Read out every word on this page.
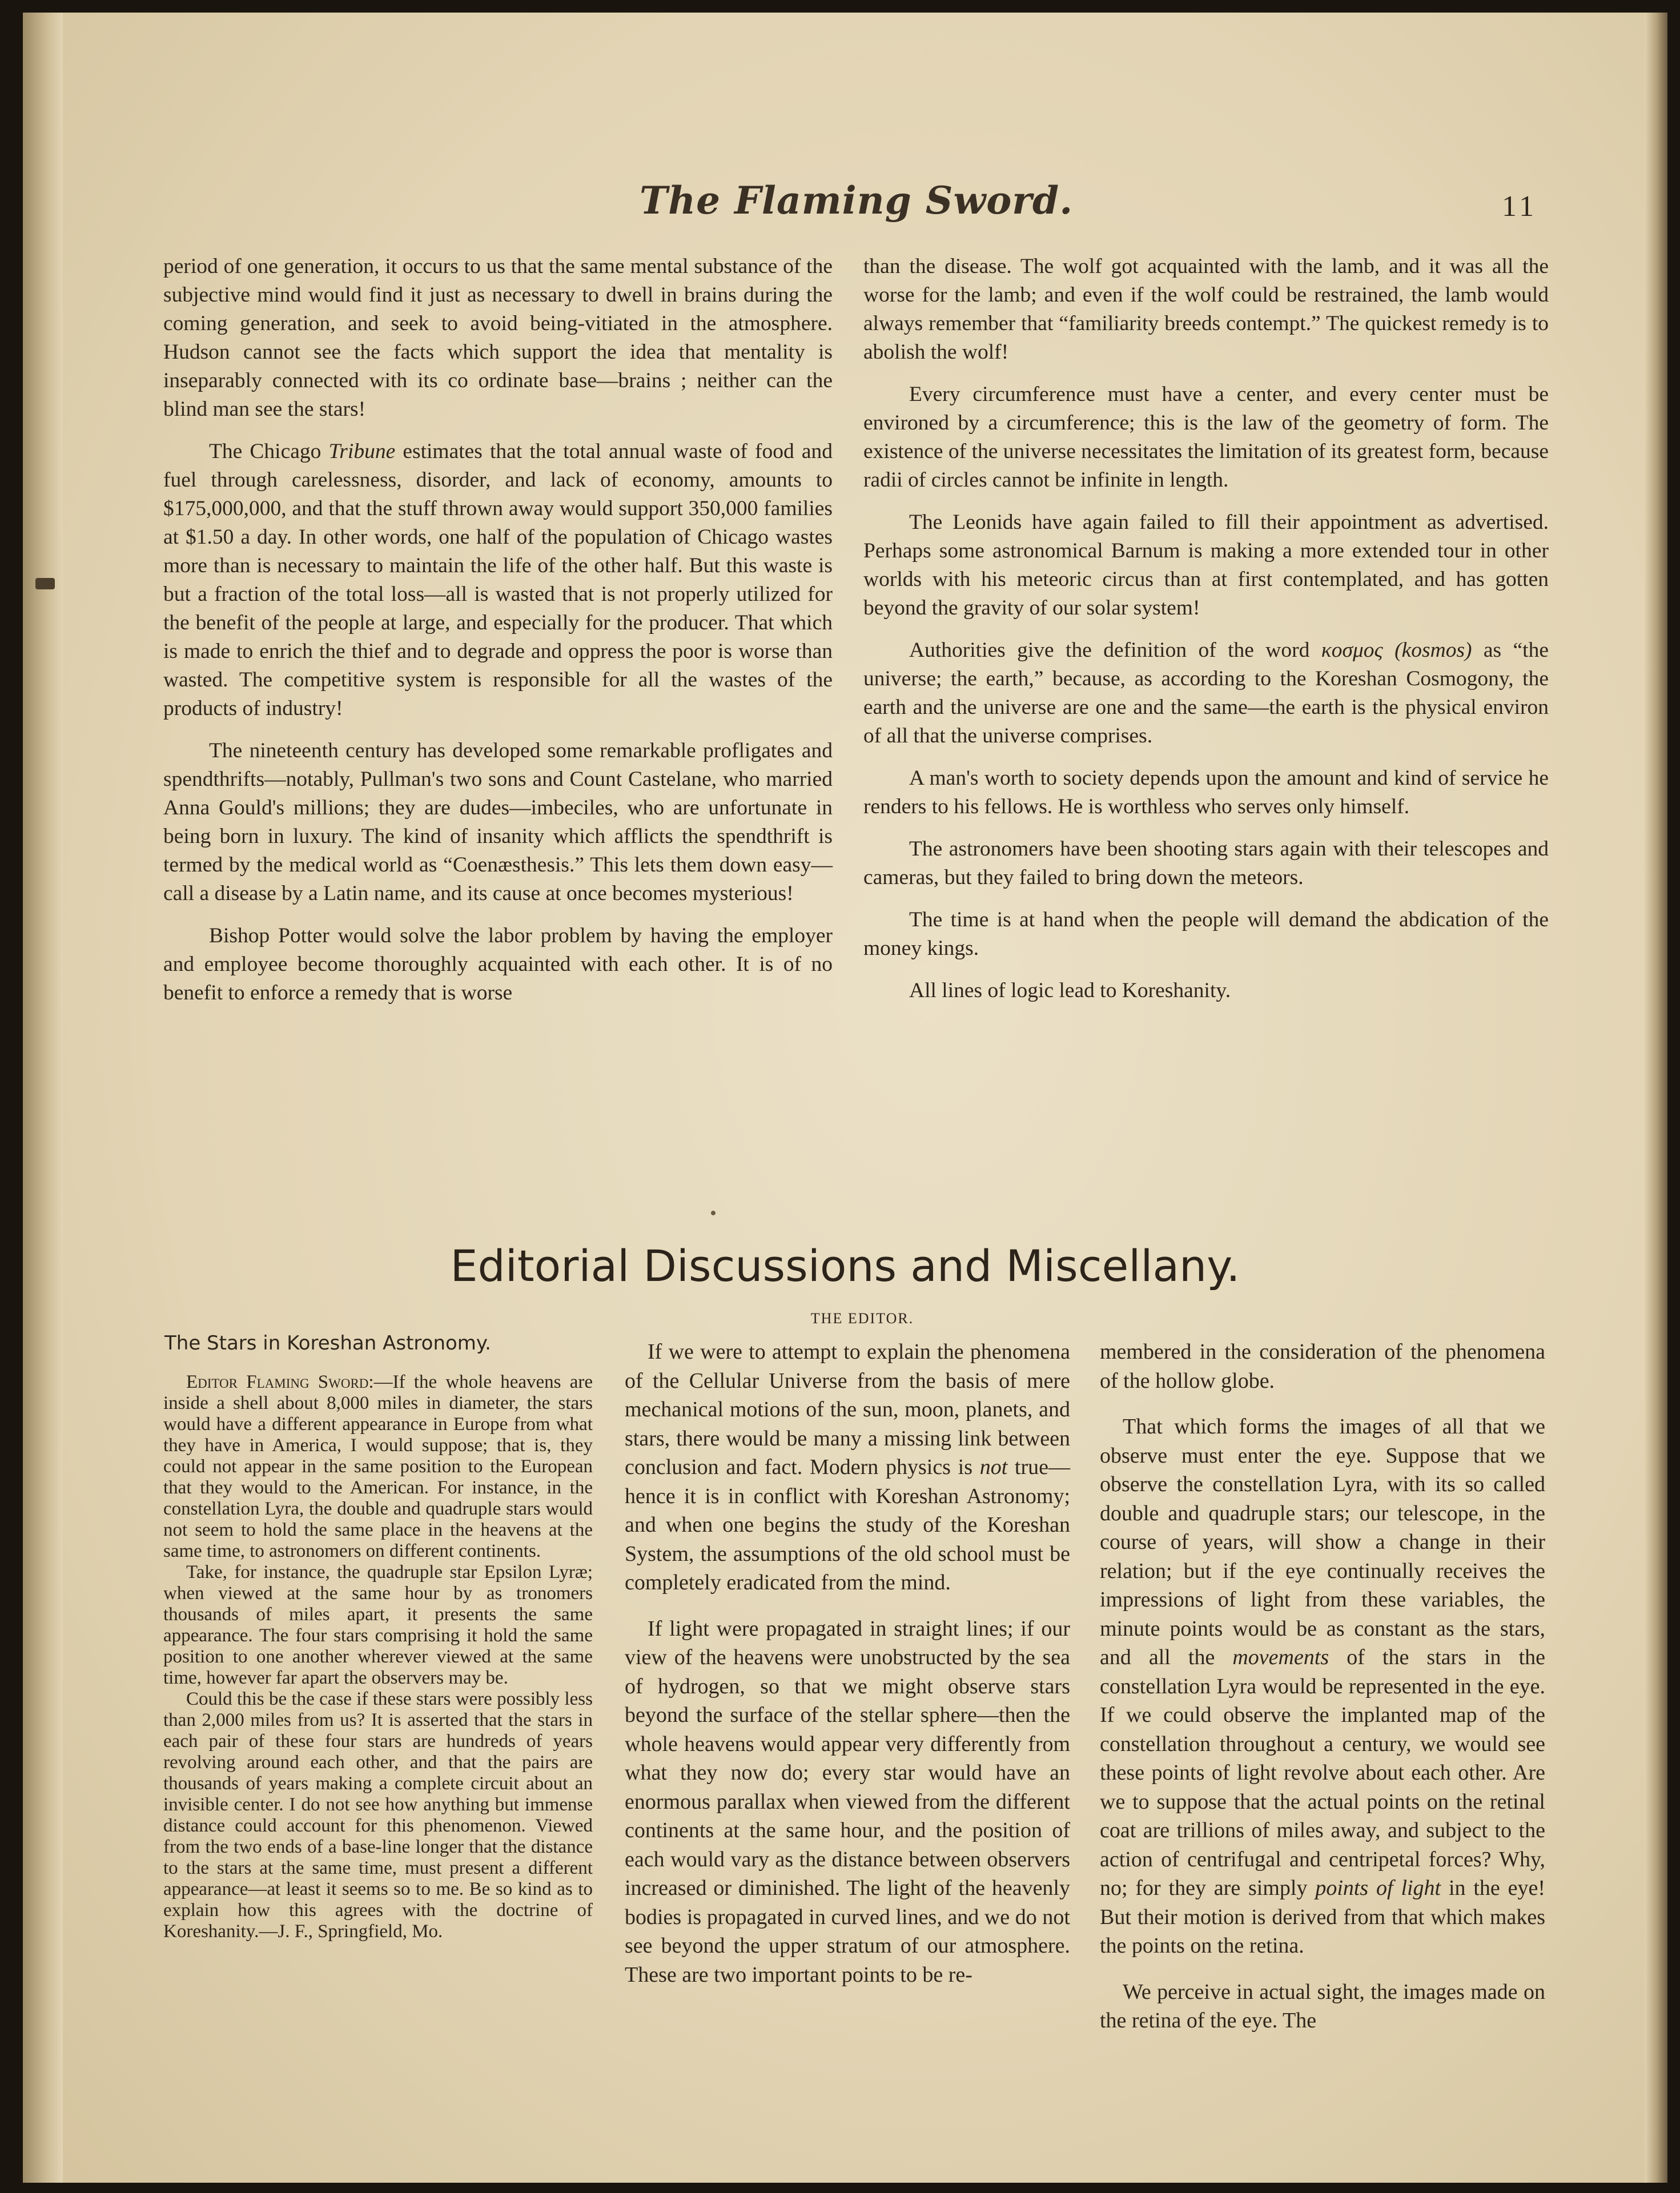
The Flaming Sword.	11

period of one generation, it occurs to us that the same mental substance of the subjective mind would find it just as necessary to dwell in brains during the coming generation, and seek to avoid being-vitiated in the atmosphere. Hudson cannot see the facts which support the idea that mentality is inseparably connected with its co ordinate base—brains ; neither can the blind man see the stars!

The Chicago Tribune estimates that the total annual waste of food and fuel through carelessness, disorder, and lack of economy, amounts to $175,000,000, and that the stuff thrown away would support 350,000 families at $1.50 a day. In other words, one half of the population of Chicago wastes more than is necessary to maintain the life of the other half. But this waste is but a fraction of the total loss—all is wasted that is not properly utilized for the benefit of the people at large, and especially for the producer. That which is made to enrich the thief and to degrade and oppress the poor is worse than wasted. The competitive system is responsible for all the wastes of the products of industry!

The nineteenth century has developed some remarkable profligates and spendthrifts—notably, Pullman's two sons and Count Castelane, who married Anna Gould's millions; they are dudes—imbeciles, who are unfortunate in being born in luxury. The kind of insanity which afflicts the spendthrift is termed by the medical world as “Coenæsthesis.” This lets them down easy—call a disease by a Latin name, and its cause at once becomes mysterious!

Bishop Potter would solve the labor problem by having the employer and employee become thoroughly acquainted with each other. It is of no benefit to enforce a remedy that is worse

than the disease. The wolf got acquainted with the lamb, and it was all the worse for the lamb; and even if the wolf could be restrained, the lamb would always remember that “familiarity breeds contempt.” The quickest remedy is to abolish the wolf!

Every circumference must have a center, and every center must be environed by a circumference; this is the law of the geometry of form. The existence of the universe necessitates the limitation of its greatest form, because radii of circles cannot be infinite in length.

The Leonids have again failed to fill their appointment as advertised. Perhaps some astronomical Barnum is making a more extended tour in other worlds with his meteoric circus than at first contemplated, and has gotten beyond the gravity of our solar system!

Authorities give the definition of the word κοσμος (kosmos) as “the universe; the earth,” because, as according to the Koreshan Cosmogony, the earth and the universe are one and the same—the earth is the physical environ of all that the universe comprises.

A man's worth to society depends upon the amount and kind of service he renders to his fellows. He is worthless who serves only himself.

The astronomers have been shooting stars again with their telescopes and cameras, but they failed to bring down the meteors.

The time is at hand when the people will demand the abdication of the money kings.

All lines of logic lead to Koreshanity.

Editorial Discussions and Miscellany.
THE EDITOR.
The Stars in Koreshan Astronomy.

Editor Flaming Sword:—If the whole heavens are inside a shell about 8,000 miles in diameter, the stars would have a different appearance in Europe from what they have in America, I would suppose; that is, they could not appear in the same position to the European that they would to the American. For instance, in the constellation Lyra, the double and quadruple stars would not seem to hold the same place in the heavens at the same time, to astronomers on different continents.

Take, for instance, the quadruple star Epsilon Lyræ; when viewed at the same hour by as tronomers thousands of miles apart, it presents the same appearance. The four stars comprising it hold the same position to one another wherever viewed at the same time, however far apart the observers may be.

Could this be the case if these stars were possibly less than 2,000 miles from us? It is asserted that the stars in each pair of these four stars are hundreds of years revolving around each other, and that the pairs are thousands of years making a complete circuit about an invisible center. I do not see how anything but immense distance could account for this phenomenon. Viewed from the two ends of a base-line longer that the distance to the stars at the same time, must present a different appearance—at least it seems so to me. Be so kind as to explain how this agrees with the doctrine of Koreshanity.—J. F., Springfield, Mo.

If we were to attempt to explain the phenomena of the Cellular Universe from the basis of mere mechanical motions of the sun, moon, planets, and stars, there would be many a missing link between conclusion and fact. Modern physics is not true—hence it is in conflict with Koreshan Astronomy; and when one begins the study of the Koreshan System, the assumptions of the old school must be completely eradicated from the mind.

If light were propagated in straight lines; if our view of the heavens were unobstructed by the sea of hydrogen, so that we might observe stars beyond the surface of the stellar sphere—then the whole heavens would appear very differently from what they now do; every star would have an enormous parallax when viewed from the different continents at the same hour, and the position of each would vary as the distance between observers increased or diminished. The light of the heavenly bodies is propagated in curved lines, and we do not see beyond the upper stratum of our atmosphere. These are two important points to be re-

membered in the consideration of the phenomena of the hollow globe.

That which forms the images of all that we observe must enter the eye. Suppose that we observe the constellation Lyra, with its so called double and quadruple stars; our telescope, in the course of years, will show a change in their relation; but if the eye continually receives the impressions of light from these variables, the minute points would be as constant as the stars, and all the movements of the stars in the constellation Lyra would be represented in the eye. If we could observe the implanted map of the constellation throughout a century, we would see these points of light revolve about each other. Are we to suppose that the actual points on the retinal coat are trillions of miles away, and subject to the action of centrifugal and centripetal forces? Why, no; for they are simply points of light in the eye! But their motion is derived from that which makes the points on the retina.

We perceive in actual sight, the images made on the retina of the eye. The
